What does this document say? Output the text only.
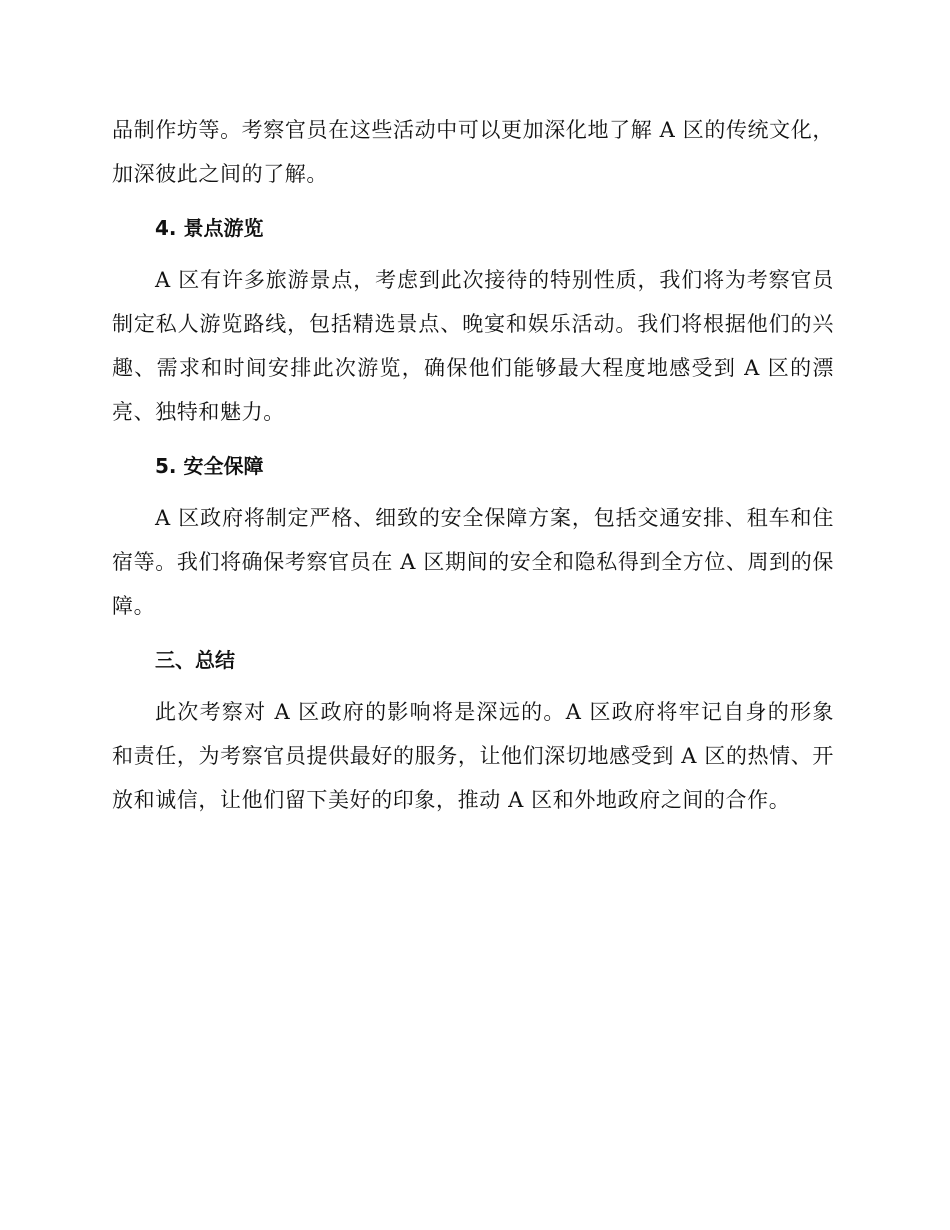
品制作坊等。考察官员在这些活动中可以更加深化地了解 A 区的传统文化，加深彼此之间的了解。

4. 景点游览

A 区有许多旅游景点，考虑到此次接待的特别性质，我们将为考察官员制定私人游览路线，包括精选景点、晚宴和娱乐活动。我们将根据他们的兴趣、需求和时间安排此次游览，确保他们能够最大程度地感受到 A 区的漂亮、独特和魅力。

5. 安全保障

A 区政府将制定严格、细致的安全保障方案，包括交通安排、租车和住宿等。我们将确保考察官员在 A 区期间的安全和隐私得到全方位、周到的保障。

三、总结

此次考察对 A 区政府的影响将是深远的。A 区政府将牢记自身的形象和责任，为考察官员提供最好的服务，让他们深切地感受到 A 区的热情、开放和诚信，让他们留下美好的印象，推动 A 区和外地政府之间的合作。
